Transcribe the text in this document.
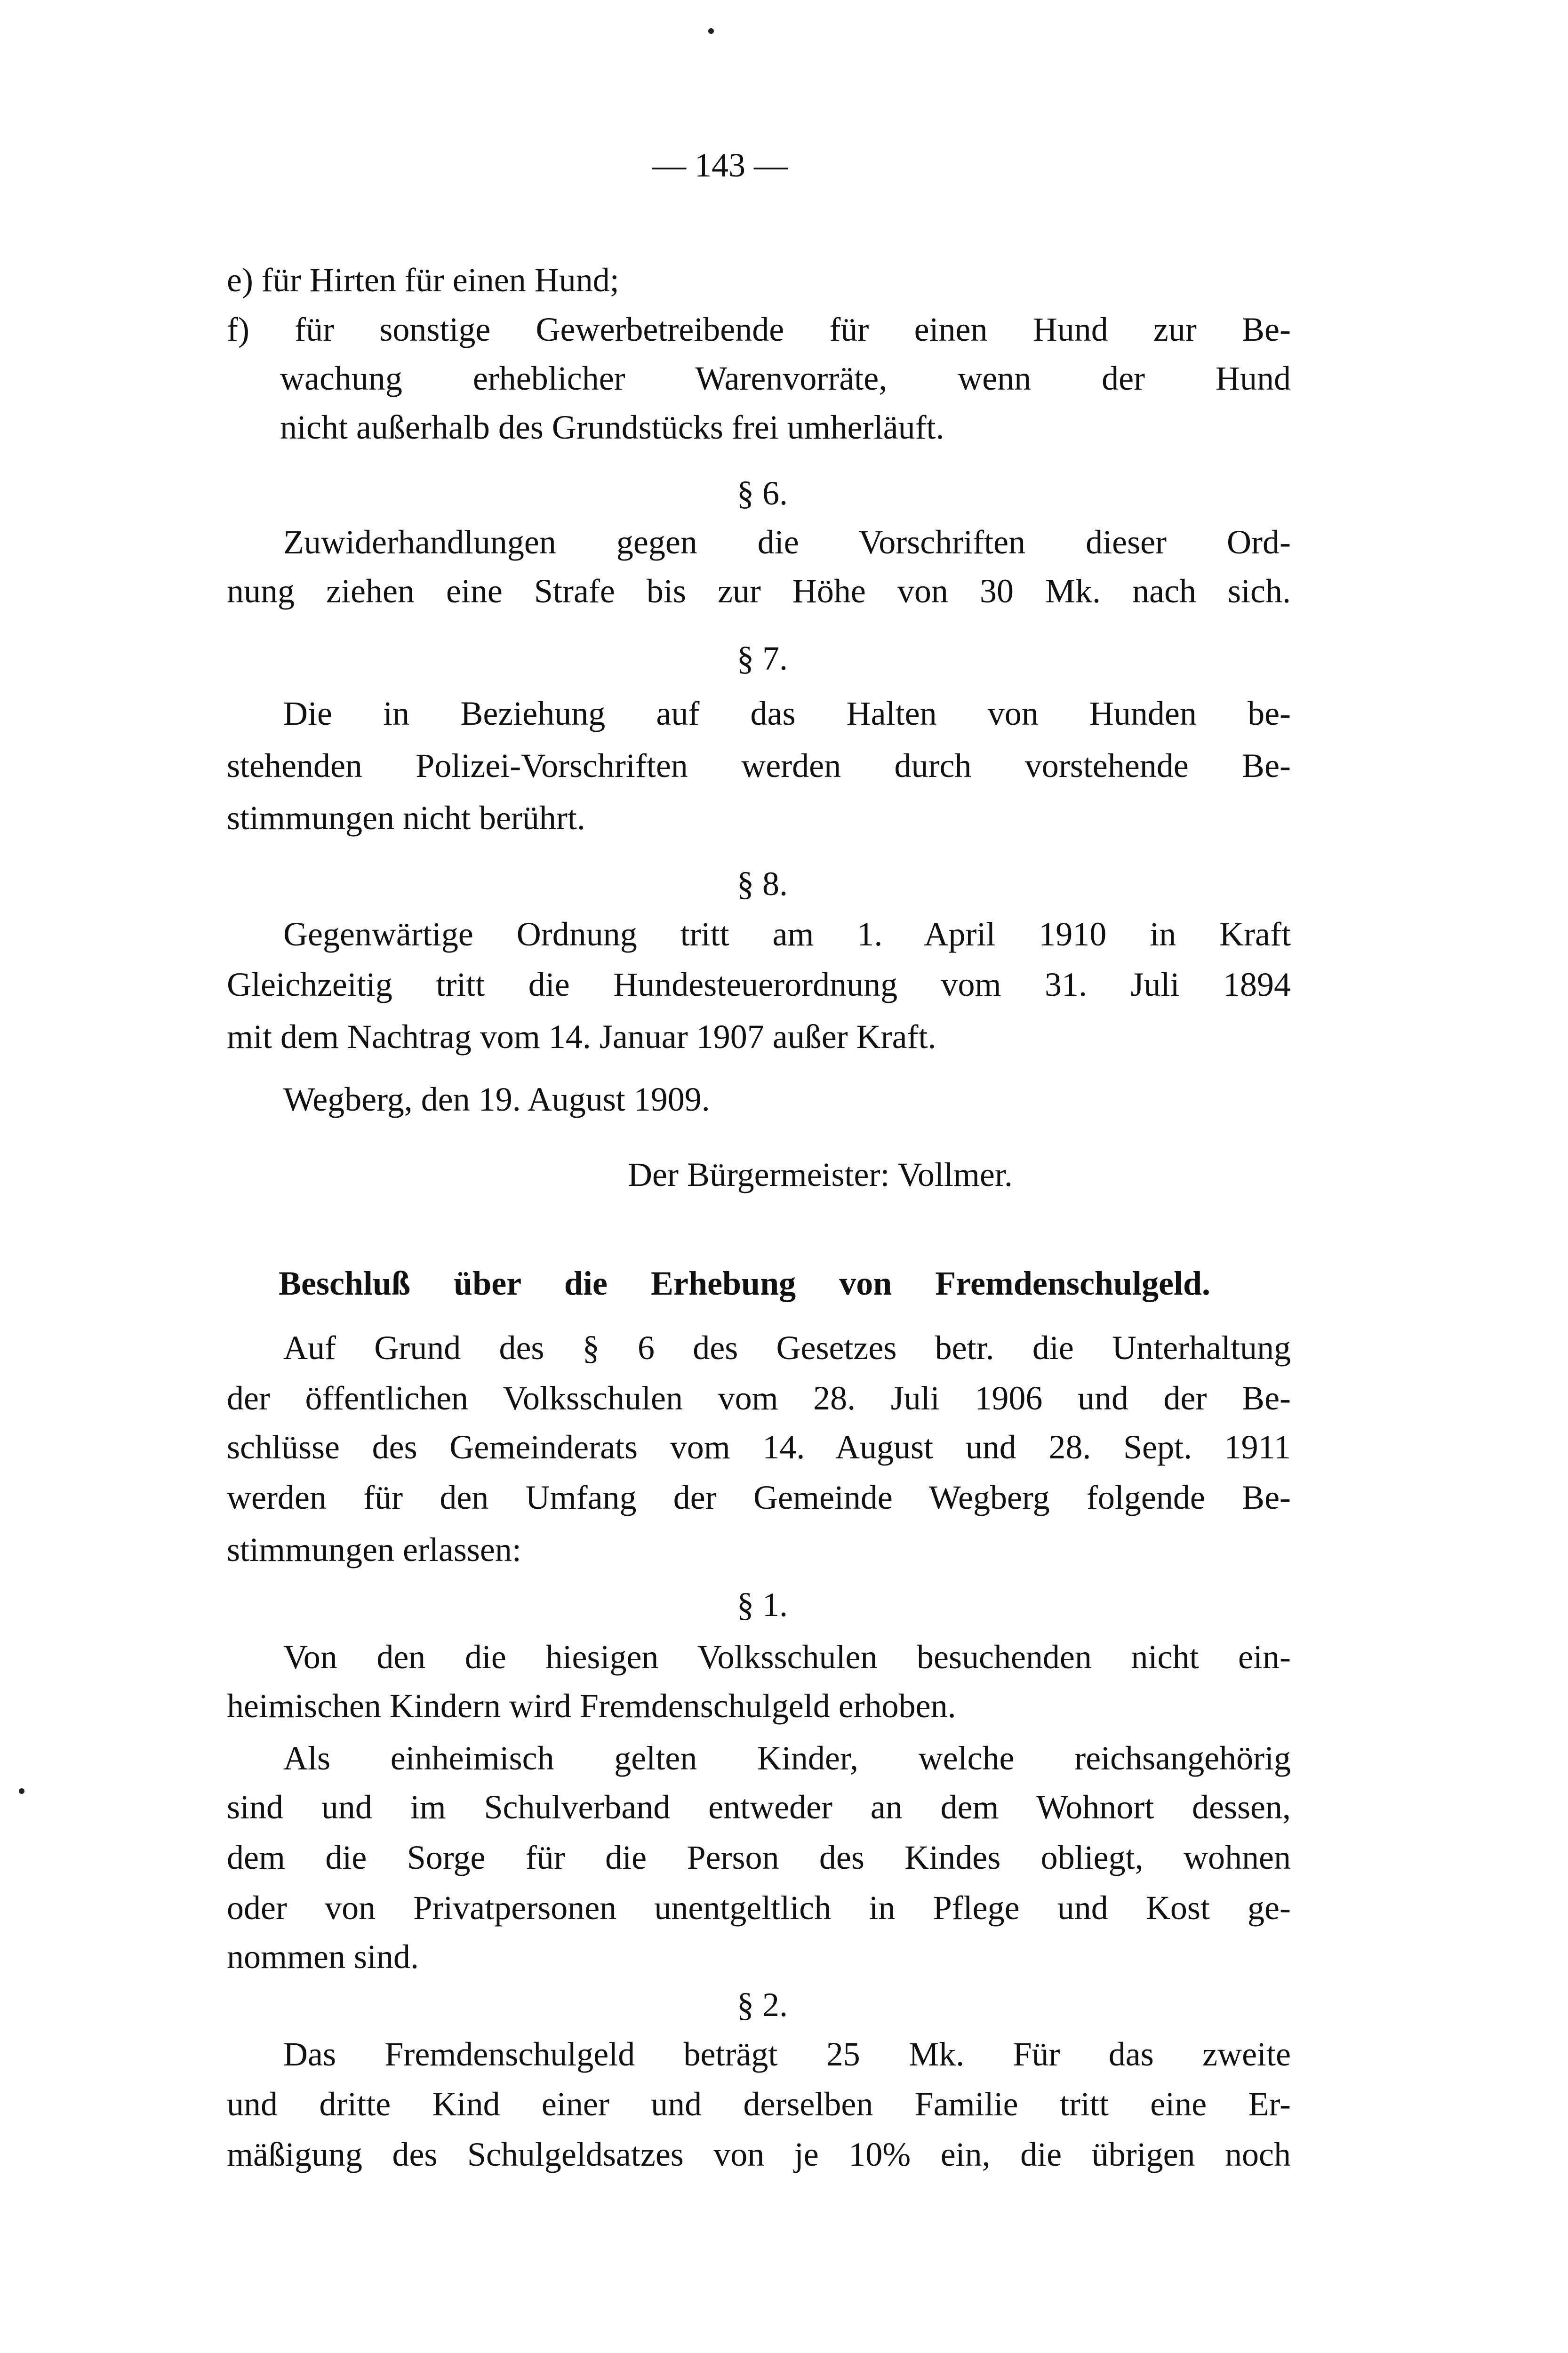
— 143 —
e) für Hirten für einen Hund;
f) für sonstige Gewerbetreibende für einen Hund zur Be-
wachung erheblicher Warenvorräte, wenn der Hund
nicht außerhalb des Grundstücks frei umherläuft.
§ 6.
Zuwiderhandlungen gegen die Vorschriften dieser Ord-
nung ziehen eine Strafe bis zur Höhe von 30 Mk. nach sich.
§ 7.
Die in Beziehung auf das Halten von Hunden be-
stehenden Polizei-Vorschriften werden durch vorstehende Be-
stimmungen nicht berührt.
§ 8.
Gegenwärtige Ordnung tritt am 1. April 1910 in Kraft
Gleichzeitig tritt die Hundesteuerordnung vom 31. Juli 1894
mit dem Nachtrag vom 14. Januar 1907 außer Kraft.
Wegberg, den 19. August 1909.
Der Bürgermeister: Vollmer.
Beschluß über die Erhebung von Fremdenschulgeld.
Auf Grund des § 6 des Gesetzes betr. die Unterhaltung
der öffentlichen Volksschulen vom 28. Juli 1906 und der Be-
schlüsse des Gemeinderats vom 14. August und 28. Sept. 1911
werden für den Umfang der Gemeinde Wegberg folgende Be-
stimmungen erlassen:
§ 1.
Von den die hiesigen Volksschulen besuchenden nicht ein-
heimischen Kindern wird Fremdenschulgeld erhoben.
Als einheimisch gelten Kinder, welche reichsangehörig
sind und im Schulverband entweder an dem Wohnort dessen,
dem die Sorge für die Person des Kindes obliegt, wohnen
oder von Privatpersonen unentgeltlich in Pflege und Kost ge-
nommen sind.
§ 2.
Das Fremdenschulgeld beträgt 25 Mk. Für das zweite
und dritte Kind einer und derselben Familie tritt eine Er-
mäßigung des Schulgeldsatzes von je 10% ein, die übrigen noch
